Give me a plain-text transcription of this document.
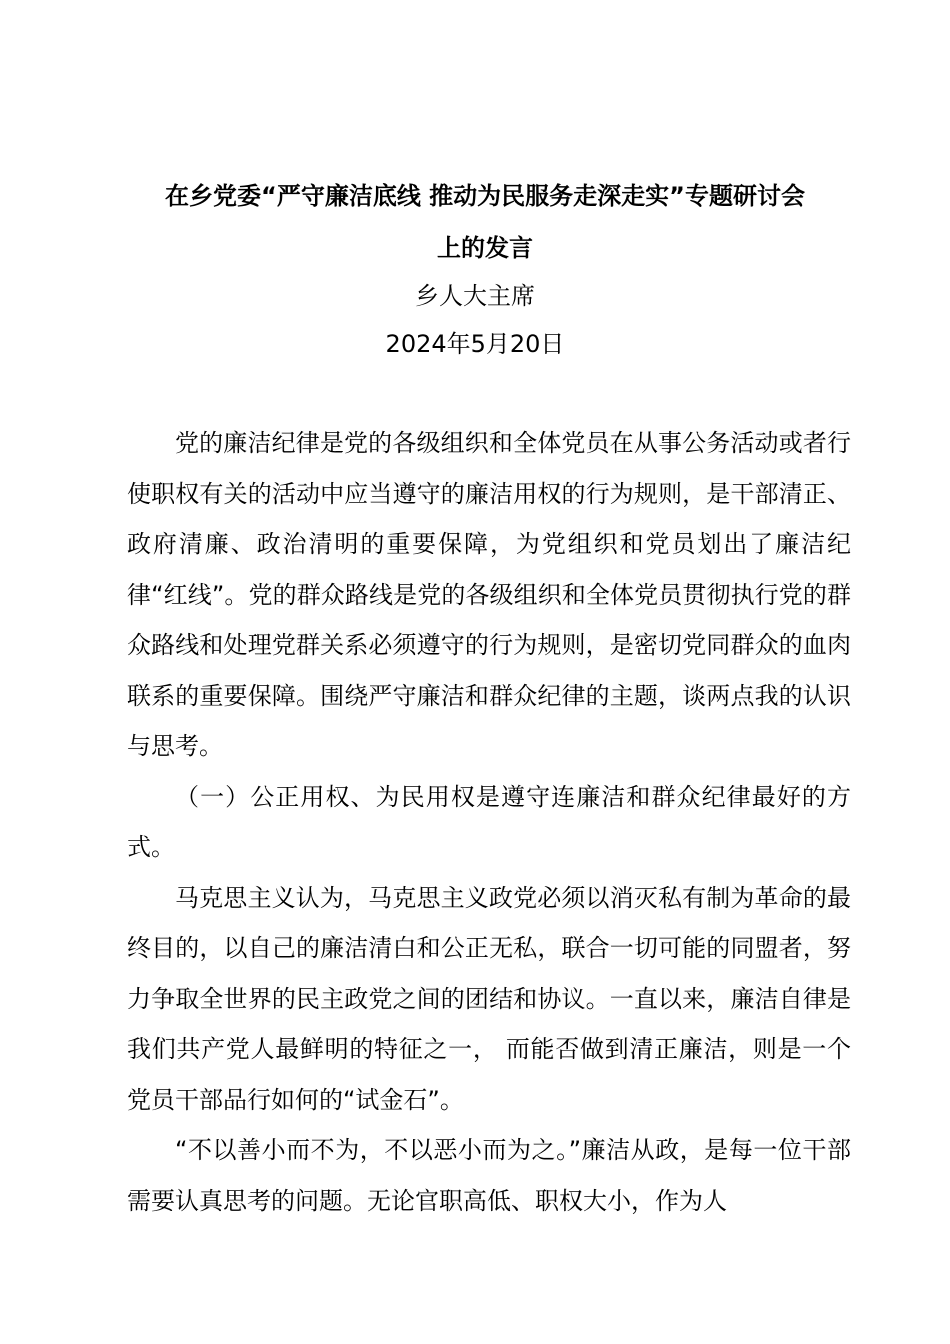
在乡党委“严守廉洁底线 推动为民服务走深走实”专题研讨会
上的发言
乡人大主席
2024年5月20日

党的廉洁纪律是党的各级组织和全体党员在从事公务活动或者行使职权有关的活动中应当遵守的廉洁用权的行为规则，是干部清正、政府清廉、政治清明的重要保障，为党组织和党员划出了廉洁纪律“红线”。党的群众路线是党的各级组织和全体党员贯彻执行党的群众路线和处理党群关系必须遵守的行为规则，是密切党同群众的血肉联系的重要保障。围绕严守廉洁和群众纪律的主题，谈两点我的认识与思考。

（一）公正用权、为民用权是遵守连廉洁和群众纪律最好的方式。

马克思主义认为，马克思主义政党必须以消灭私有制为革命的最终目的，以自己的廉洁清白和公正无私，联合一切可能的同盟者，努力争取全世界的民主政党之间的团结和协议。一直以来，廉洁自律是我们共产党人最鲜明的特征之一， 而能否做到清正廉洁，则是一个党员干部品行如何的“试金石”。

“不以善小而不为，不以恶小而为之。”廉洁从政，是每一位干部需要认真思考的问题。无论官职高低、职权大小，作为人
